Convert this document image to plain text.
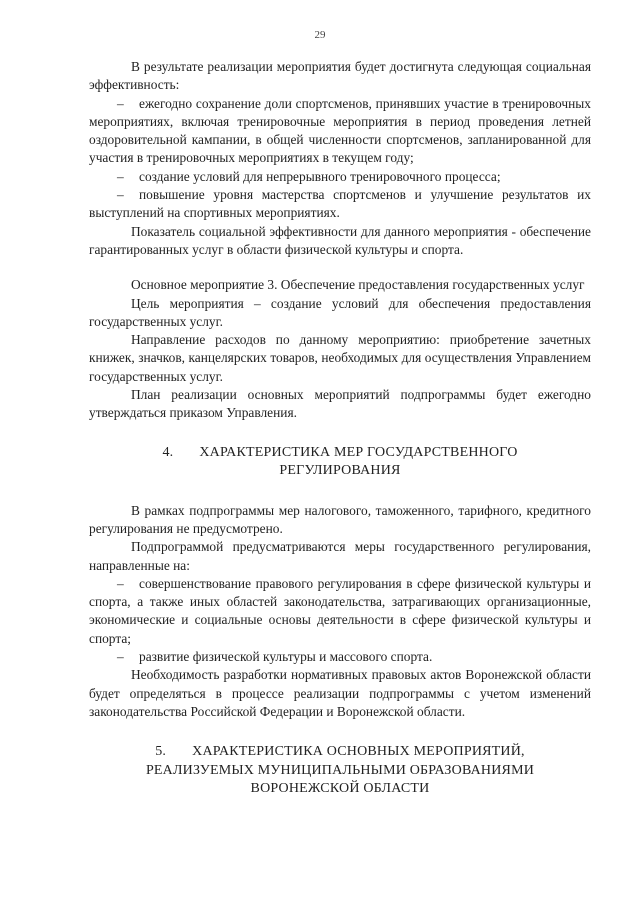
29

В результате реализации мероприятия будет достигнута следующая социальная эффективность:

– ежегодно сохранение доли спортсменов, принявших участие в тренировочных мероприятиях, включая тренировочные мероприятия в период проведения летней оздоровительной кампании, в общей численности спортсменов, запланированной для участия в тренировочных мероприятиях в текущем году;

– создание условий для непрерывного тренировочного процесса;

– повышение уровня мастерства спортсменов и улучшение результатов их выступлений на спортивных мероприятиях.

Показатель социальной эффективности для данного мероприятия - обеспечение гарантированных услуг в области физической культуры и спорта.

Основное мероприятие 3. Обеспечение предоставления государственных услуг

Цель мероприятия – создание условий для обеспечения предоставления государственных услуг.

Направление расходов по данному мероприятию: приобретение зачетных книжек, значков, канцелярских товаров, необходимых для осуществления Управлением государственных услуг.

План реализации основных мероприятий подпрограммы будет ежегодно утверждаться приказом Управления.

4. ХАРАКТЕРИСТИКА МЕР ГОСУДАРСТВЕННОГО
РЕГУЛИРОВАНИЯ

В рамках подпрограммы мер налогового, таможенного, тарифного, кредитного регулирования не предусмотрено.

Подпрограммой предусматриваются меры государственного регулирования, направленные на:

– совершенствование правового регулирования в сфере физической культуры и спорта, а также иных областей законодательства, затрагивающих организационные, экономические и социальные основы деятельности в сфере физической культуры и спорта;

– развитие физической культуры и массового спорта.

Необходимость разработки нормативных правовых актов Воронежской области будет определяться в процессе реализации подпрограммы с учетом изменений законодательства Российской Федерации и Воронежской области.

5. ХАРАКТЕРИСТИКА ОСНОВНЫХ МЕРОПРИЯТИЙ,
РЕАЛИЗУЕМЫХ МУНИЦИПАЛЬНЫМИ ОБРАЗОВАНИЯМИ
ВОРОНЕЖСКОЙ ОБЛАСТИ
